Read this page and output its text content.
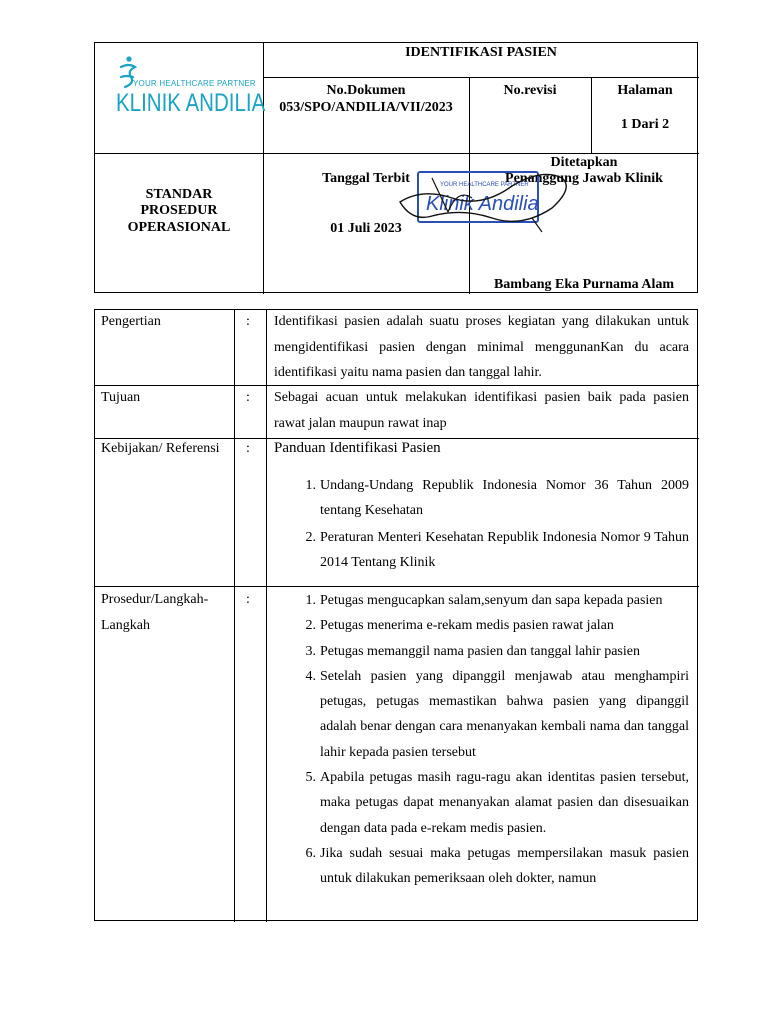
YOUR HEALTHCARE PARTNER
KLINIK ANDILIA
IDENTIFIKASI PASIEN
No.Dokumen
053/SPO/ANDILIA/VII/2023
No.revisi	Halaman
1 Dari 2
STANDAR
PROSEDUR
OPERASIONAL
Tanggal Terbit
01 Juli 2023
Ditetapkan
Penanggung Jawab Klinik
Bambang Eka Purnama Alam
YOUR HEALTHCARE PARTNER
Klinik Andilia
Pengertian	: Identifikasi pasien adalah suatu proses kegiatan yang dilakukan untuk mengidentifikasi pasien dengan minimal menggunanKan du acara identifikasi yaitu nama pasien dan tanggal lahir.
Tujuan	: Sebagai acuan untuk melakukan identifikasi pasien baik pada pasien rawat jalan maupun rawat inap
Kebijakan/ Referensi : Panduan Identifikasi Pasien
1. Undang-Undang Republik Indonesia Nomor 36 Tahun 2009 tentang Kesehatan
2. Peraturan Menteri Kesehatan Republik Indonesia Nomor 9 Tahun 2014 Tentang Klinik
Prosedur/Langkah-
Langkah
:	1. Petugas mengucapkan salam,senyum dan sapa kepada pasien
2. Petugas menerima e-rekam medis pasien rawat jalan
3. Petugas memanggil nama pasien dan tanggal lahir pasien
4. Setelah pasien yang dipanggil menjawab atau menghampiri petugas, petugas memastikan bahwa pasien yang dipanggil adalah benar dengan cara menanyakan kembali nama dan tanggal lahir kepada pasien tersebut
5. Apabila petugas masih ragu-ragu akan identitas pasien tersebut, maka petugas dapat menanyakan alamat pasien dan disesuaikan dengan data pada e-rekam medis pasien.
6. Jika sudah sesuai maka petugas mempersilakan masuk pasien untuk dilakukan pemeriksaan oleh dokter, namun
